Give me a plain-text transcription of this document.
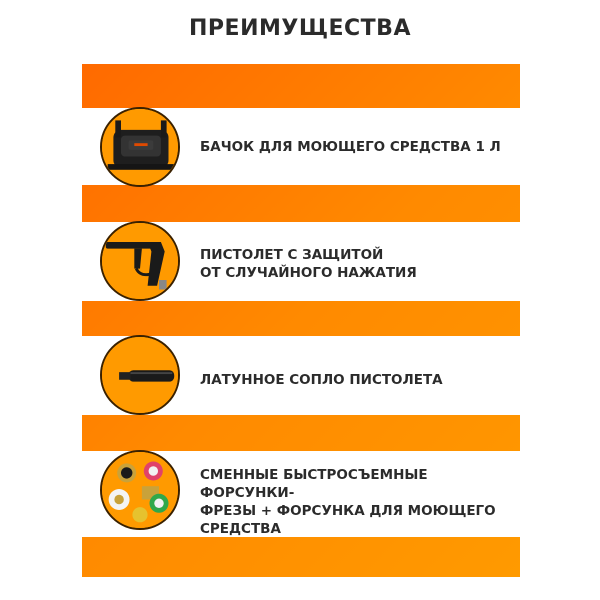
ПРЕИМУЩЕСТВА
БАЧОК ДЛЯ МОЮЩЕГО СРЕДСТВА 1 Л
ПИСТОЛЕТ С ЗАЩИТОЙ
ОТ СЛУЧАЙНОГО НАЖАТИЯ
ЛАТУННОЕ СОПЛО ПИСТОЛЕТА
СМЕННЫЕ БЫСТРОСЪЕМНЫЕ ФОРСУНКИ-
ФРЕЗЫ + ФОРСУНКА ДЛЯ МОЮЩЕГО
СРЕДСТВА
